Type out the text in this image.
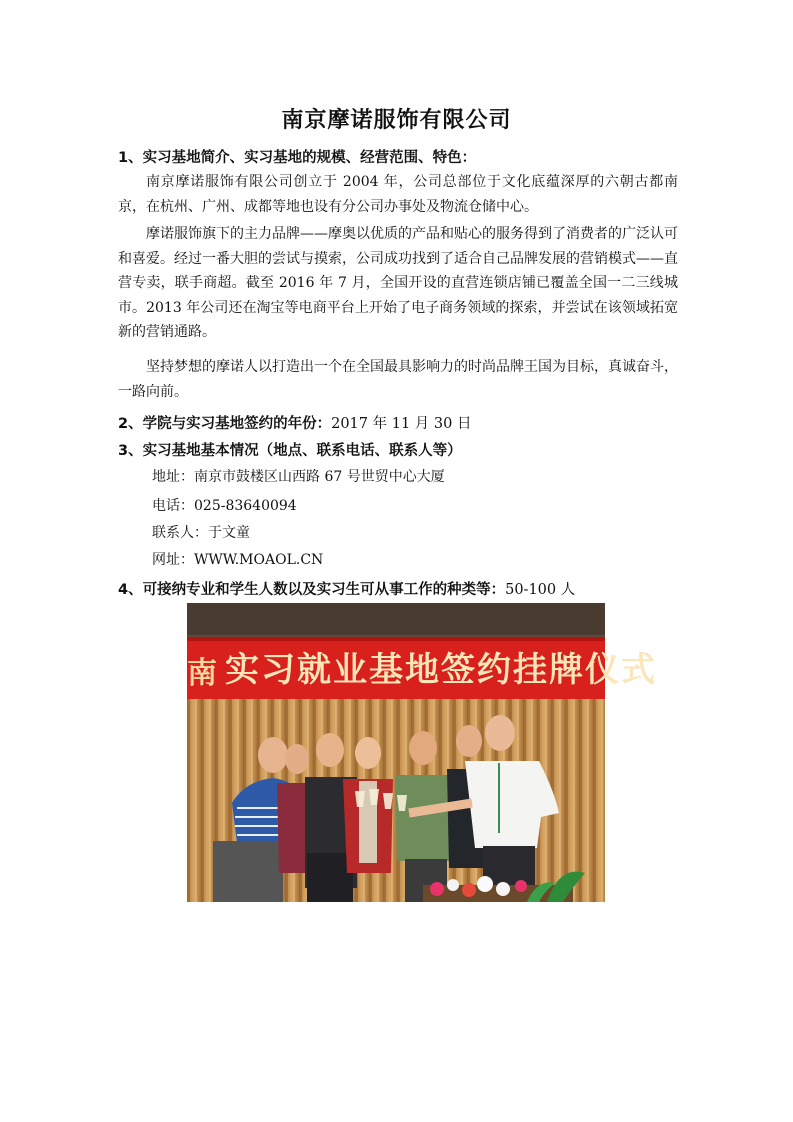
南京摩诺服饰有限公司
1、实习基地简介、实习基地的规模、经营范围、特色：

南京摩诺服饰有限公司创立于 2004 年，公司总部位于文化底蕴深厚的六朝古都南京，在杭州、广州、成都等地也设有分公司办事处及物流仓储中心。

摩诺服饰旗下的主力品牌——摩奥以优质的产品和贴心的服务得到了消费者的广泛认可和喜爱。经过一番大胆的尝试与摸索，公司成功找到了适合自己品牌发展的营销模式——直营专卖，联手商超。截至 2016 年 7 月，全国开设的直营连锁店铺已覆盖全国一二三线城市。2013 年公司还在淘宝等电商平台上开始了电子商务领域的探索，并尝试在该领域拓宽新的营销通路。

坚持梦想的摩诺人以打造出一个在全国最具影响力的时尚品牌王国为目标，真诚奋斗，一路向前。

2、学院与实习基地签约的年份：2017 年 11 月 30 日
3、实习基地基本情况（地点、联系电话、联系人等）
地址：南京市鼓楼区山西路 67 号世贸中心大厦
电话：025-83640094
联系人：于文童
网址：WWW.MOAOL.CN
4、可接纳专业和学生人数以及实习生可从事工作的种类等：50-100 人
南 实习就业基地签约挂牌仪式
